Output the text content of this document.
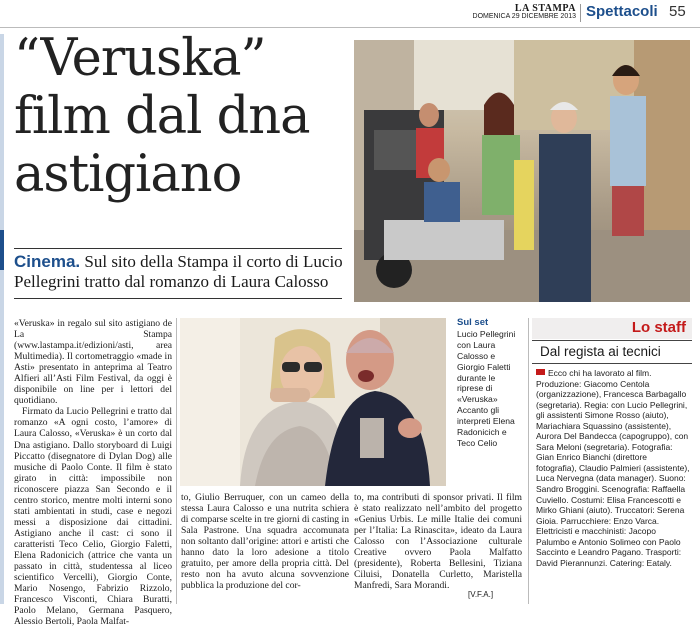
LA STAMPA
DOMENICA 29 DICEMBRE 2013 Spettacoli 55
“Veruska”
film dal dna
astigiano
Cinema. Sul sito della Stampa il corto di Lucio Pellegrini tratto dal romanzo di Laura Calosso
Sul set
Lucio Pellegrini con Laura Calosso e Giorgio Faletti durante le riprese di «Veruska» Accanto gli interpreti Elena Radonicich e Teco Celio

«Veruska» in regalo sul sito astigiano de La Stampa (www.lastampa.it/edizioni/asti, area Multimedia). Il cortometraggio «made in Asti» presentato in anteprima al Teatro Alfieri all’Asti Film Festival, da oggi è disponibile on line per i lettori del quotidiano.

Firmato da Lucio Pellegrini e tratto dal romanzo «A ogni costo, l’amore» di Laura Calosso, «Veruska» è un corto dal Dna astigiano. Dallo storyboard di Luigi Piccatto (disegnatore di Dylan Dog) alle musiche di Paolo Conte. Il film è stato girato in città: impossibile non riconoscere piazza San Secondo e il centro storico, mentre molti interni sono stati ambientati in studi, case e negozi messi a disposizione dai cittadini. Astigiano anche il cast: ci sono il caratteristi Teco Celio, Giorgio Faletti, Elena Radonicich (attrice che vanta un passato in città, studentessa al liceo scientifico Vercelli), Giorgio Conte, Mario Nosengo, Fabrizio Rizzolo, Francesco Visconti, Chiara Buratti, Paolo Melano, Germana Pasquero, Alessio Bertoli, Paola Malfat-

to, Giulio Berruquer, con un cameo della stessa Laura Calosso e una nutrita schiera di comparse scelte in tre giorni di casting in Sala Pastrone. Una squadra accomunata non soltanto dall’origine: attori e artisti che hanno dato la loro adesione a titolo gratuito, per amore della propria città. Del resto non ha avuto alcuna sovvenzione pubblica la produzione del cor-
to, ma contributi di sponsor privati. Il film è stato realizzato nell’ambito del progetto «Genius Urbis. Le mille Italie dei comuni per l’Italia: La Rinascita», ideato da Laura Calosso con l’Associazione culturale Creative ovvero Paola Malfatto (presidente), Roberta Bellesini, Tiziana Ciluisi, Donatella Curletto, Maristella Manfredi, Sara Morandi.
[V.F.A.]
Lo staff
Dal regista ai tecnici
Ecco chi ha lavorato al film. Produzione: Giacomo Centola (organizzazione), Francesca Barbagallo (segretaria). Regia: con Lucio Pellegrini, gli assistenti Simone Rosso (aiuto), Mariachiara Squassino (assistente), Aurora Del Bandecca (capogruppo), con Sara Meloni (segretaria). Fotografia: Gian Enrico Bianchi (direttore fotografia), Claudio Palmieri (assistente), Luca Nervegna (data manager). Suono: Sandro Broggini. Scenografia: Raffaella Cuviello. Costumi: Elisa Francescotti e Mirko Ghiani (aiuto). Truccatori: Serena Gioia. Parrucchiere: Enzo Varca. Elettricisti e macchinisti: Jacopo Palumbo e Antonio Solimeo con Paolo Saccinto e Leandro Pagano. Trasporti: David Pierannunzi. Catering: Eataly.
